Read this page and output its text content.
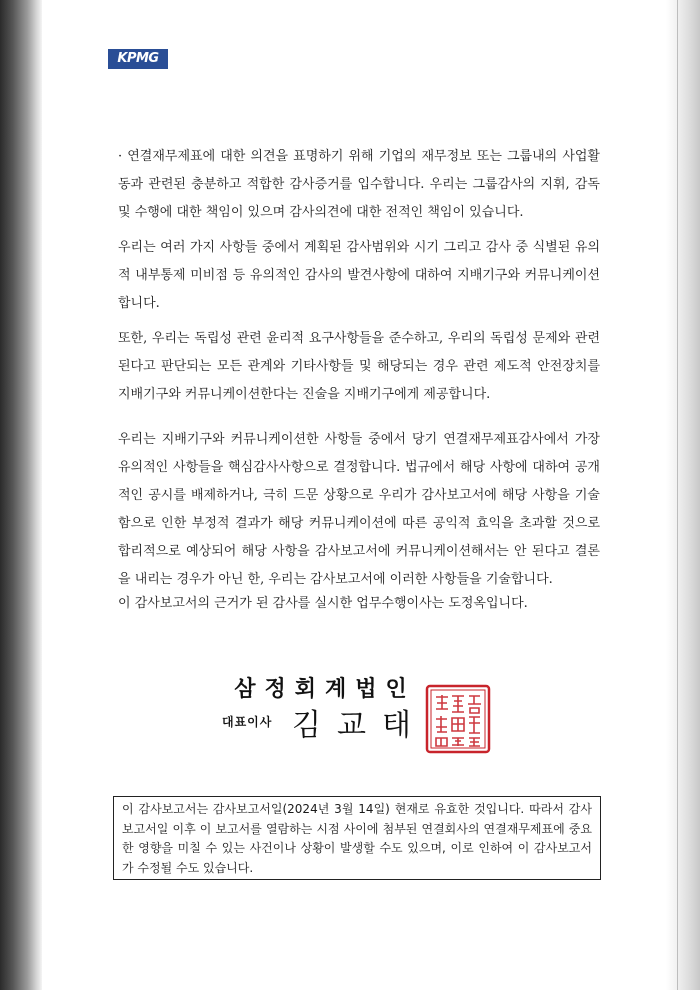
KPMG

· 연결재무제표에 대한 의견을 표명하기 위해 기업의 재무정보 또는 그룹내의 사업활동과 관련된 충분하고 적합한 감사증거를 입수합니다. 우리는 그룹감사의 지휘, 감독 및 수행에 대한 책임이 있으며 감사의견에 대한 전적인 책임이 있습니다.

우리는 여러 가지 사항들 중에서 계획된 감사범위와 시기 그리고 감사 중 식별된 유의적 내부통제 미비점 등 유의적인 감사의 발견사항에 대하여 지배기구와 커뮤니케이션합니다.

또한, 우리는 독립성 관련 윤리적 요구사항들을 준수하고, 우리의 독립성 문제와 관련된다고 판단되는 모든 관계와 기타사항들 및 해당되는 경우 관련 제도적 안전장치를 지배기구와 커뮤니케이션한다는 진술을 지배기구에게 제공합니다.

우리는 지배기구와 커뮤니케이션한 사항들 중에서 당기 연결재무제표감사에서 가장 유의적인 사항들을 핵심감사사항으로 결정합니다. 법규에서 해당 사항에 대하여 공개적인 공시를 배제하거나, 극히 드문 상황으로 우리가 감사보고서에 해당 사항을 기술함으로 인한 부정적 결과가 해당 커뮤니케이션에 따른 공익적 효익을 초과할 것으로 합리적으로 예상되어 해당 사항을 감사보고서에 커뮤니케이션해서는 안 된다고 결론을 내리는 경우가 아닌 한, 우리는 감사보고서에 이러한 사항들을 기술합니다.

이 감사보고서의 근거가 된 감사를 실시한 업무수행이사는 도정옥입니다.

삼정회계법인
대표이사 김교태
이 감사보고서는 감사보고서일(2024년 3월 14일) 현재로 유효한 것입니다. 따라서 감사보고서일 이후 이 보고서를 열람하는 시점 사이에 첨부된 연결회사의 연결재무제표에 중요한 영향을 미칠 수 있는 사건이나 상황이 발생할 수도 있으며, 이로 인하여 이 감사보고서가 수정될 수도 있습니다.
